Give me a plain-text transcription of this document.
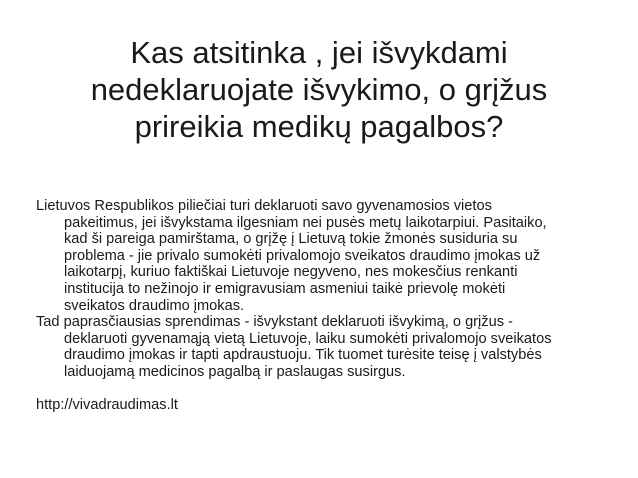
Kas atsitinka , jei išvykdami
nedeklaruojate išvykimo, o grįžus
prireikia medikų pagalbos?

Lietuvos Respublikos piliečiai turi deklaruoti savo gyvenamosios vietos
pakeitimus, jei išvykstama ilgesniam nei pusės metų laikotarpiui. Pasitaiko,
kad ši pareiga pamirštama, o grįžę į Lietuvą tokie žmonės susiduria su
problema - jie privalo sumokėti privalomojo sveikatos draudimo įmokas už
laikotarpį, kuriuo faktiškai Lietuvoje negyveno, nes mokesčius renkanti
institucija to nežinojo ir emigravusiam asmeniui taikė prievolę mokėti
sveikatos draudimo įmokas.

Tad paprasčiausias sprendimas - išvykstant deklaruoti išvykimą, o grįžus -
deklaruoti gyvenamąją vietą Lietuvoje, laiku sumokėti privalomojo sveikatos
draudimo įmokas ir tapti apdraustuoju. Tik tuomet turėsite teisę į valstybės
laiduojamą medicinos pagalbą ir paslaugas susirgus.

http://vivadraudimas.lt
